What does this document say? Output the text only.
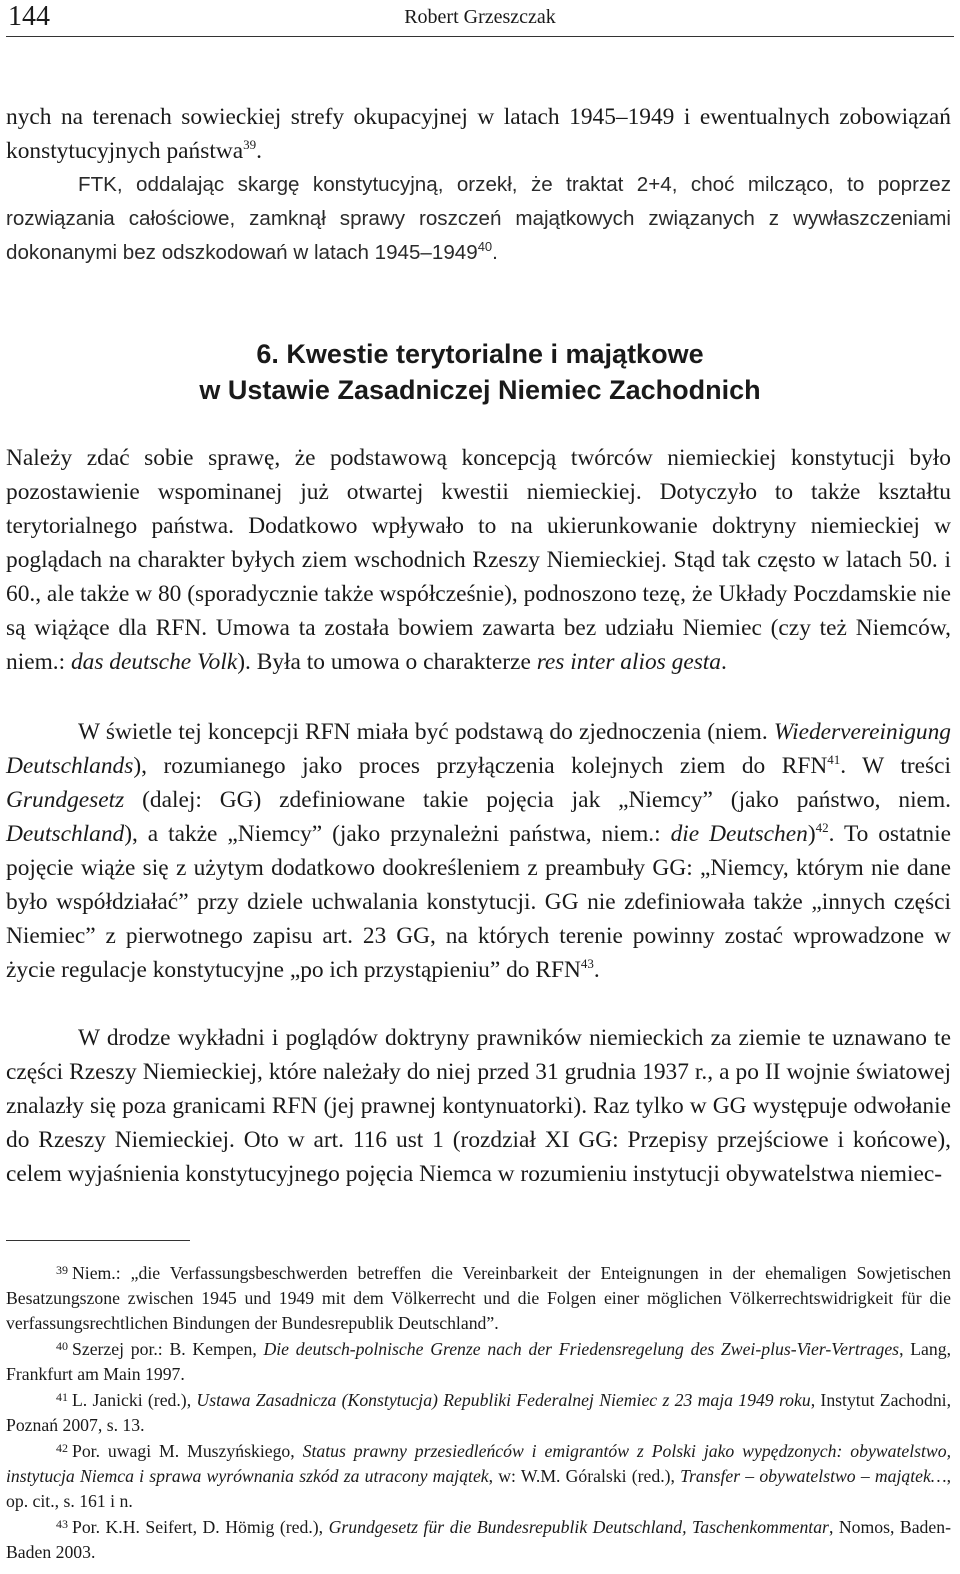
144	Robert Grzeszczak

nych na terenach sowieckiej strefy okupacyjnej w latach 1945–1949 i ewentualnych zobowiązań konstytucyjnych państwa$^{39}$.

FTK, oddalając skargę konstytucyjną, orzekł, że traktat 2+4, choć milcząco, to poprzez rozwiązania całościowe, zamknął sprawy roszczeń majątkowych związanych z wywłaszczeniami dokonanymi bez odszkodowań w latach 1945–1949$^{40}$.

6. Kwestie terytorialne i majątkowe
w Ustawie Zasadniczej Niemiec Zachodnich

Należy zdać sobie sprawę, że podstawową koncepcją twórców niemieckiej konstytucji było pozostawienie wspominanej już otwartej kwestii niemieckiej. Dotyczyło to także kształtu terytorialnego państwa. Dodatkowo wpływało to na ukierunkowanie doktryny niemieckiej w poglądach na charakter byłych ziem wschodnich Rzeszy Niemieckiej. Stąd tak często w latach 50. i 60., ale także w 80 (sporadycznie także współcześnie), podnoszono tezę, że Układy Poczdamskie nie są wiążące dla RFN. Umowa ta została bowiem zawarta bez udziału Niemiec (czy też Niemców, niem.: das deutsche Volk). Była to umowa o charakterze res inter alios gesta.

W świetle tej koncepcji RFN miała być podstawą do zjednoczenia (niem. Wiedervereinigung Deutschlands), rozumianego jako proces przyłączenia kolejnych ziem do RFN$^{41}$. W treści Grundgesetz (dalej: GG) zdefiniowane takie pojęcia jak „Niemcy” (jako państwo, niem. Deutschland), a także „Niemcy” (jako przynależni państwa, niem.: die Deutschen)$^{42}$. To ostatnie pojęcie wiąże się z użytym dodatkowo dookreśleniem z preambuły GG: „Niemcy, którym nie dane było współdziałać” przy dziele uchwalania konstytucji. GG nie zdefiniowała także „innych części Niemiec” z pierwotnego zapisu art. 23 GG, na których terenie powinny zostać wprowadzone w życie regulacje konstytucyjne „po ich przystąpieniu” do RFN$^{43}$.

W drodze wykładni i poglądów doktryny prawników niemieckich za ziemie te uznawano te części Rzeszy Niemieckiej, które należały do niej przed 31 grudnia 1937 r., a po II wojnie światowej znalazły się poza granicami RFN (jej prawnej kontynuatorki). Raz tylko w GG występuje odwołanie do Rzeszy Niemieckiej. Oto w art. 116 ust 1 (rozdział XI GG: Przepisy przejściowe i końcowe), celem wyjaśnienia konstytucyjnego pojęcia Niemca w rozumieniu instytucji obywatelstwa niemiec-

39 Niem.: „die Verfassungsbeschwerden betreffen die Vereinbarkeit der Enteignungen in der ehemaligen Sowjetischen Besatzungszone zwischen 1945 und 1949 mit dem Völkerrecht und die Folgen einer möglichen Völkerrechtswidrigkeit für die verfassungsrechtlichen Bindungen der Bundesrepublik Deutschland”.

40 Szerzej por.: B. Kempen, Die deutsch-polnische Grenze nach der Friedensregelung des Zwei-plus-Vier-Vertrages, Lang, Frankfurt am Main 1997.

41 L. Janicki (red.), Ustawa Zasadnicza (Konstytucja) Republiki Federalnej Niemiec z 23 maja 1949 roku, Instytut Zachodni, Poznań 2007, s. 13.

42 Por. uwagi M. Muszyńskiego, Status prawny przesiedleńców i emigrantów z Polski jako wypędzonych: obywatelstwo, instytucja Niemca i sprawa wyrównania szkód za utracony majątek, w: W.M. Góralski (red.), Transfer – obywatelstwo – majątek…, op. cit., s. 161 i n.

43 Por. K.H. Seifert, D. Hömig (red.), Grundgesetz für die Bundesrepublik Deutschland, Taschenkommentar, Nomos, Baden-Baden 2003.
